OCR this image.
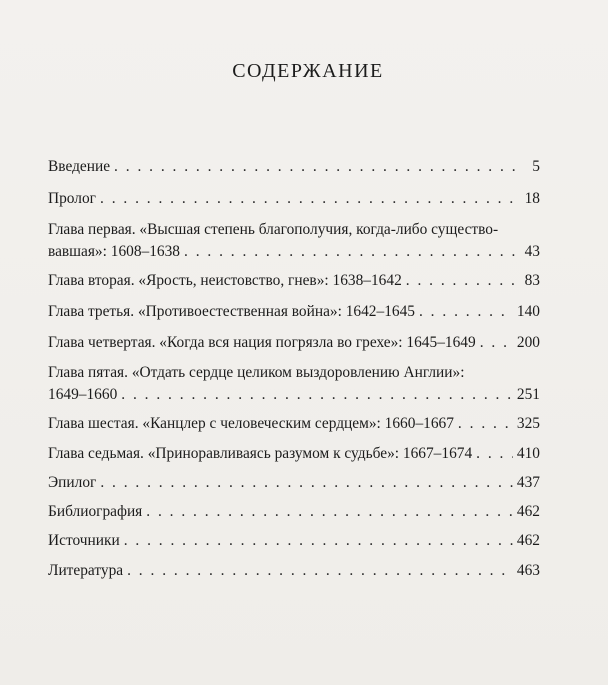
СОДЕРЖАНИЕ
Введение . . .	5
Пролог . . .	18
Глава первая. «Высшая степень благополучия, когда-либо существо-
вавшая»: 1608–1638 . . .	43
Глава вторая. «Ярость, неистовство, гнев»: 1638–1642 . . .	83
Глава третья. «Противоестественная война»: 1642–1645 . . .	140
Глава четвертая. «Когда вся нация погрязла во грехе»: 1645–1649 . . .	200
Глава пятая. «Отдать сердце целиком выздоровлению Англии»:
1649–1660 . . .	251
Глава шестая. «Канцлер с человеческим сердцем»: 1660–1667 . . .	325
Глава седьмая. «Приноравливаясь разумом к судьбе»: 1667–1674 . . .	410
Эпилог . . .	437
Библиография . . .	462
Источники . . .	462
Литература . . .	463
